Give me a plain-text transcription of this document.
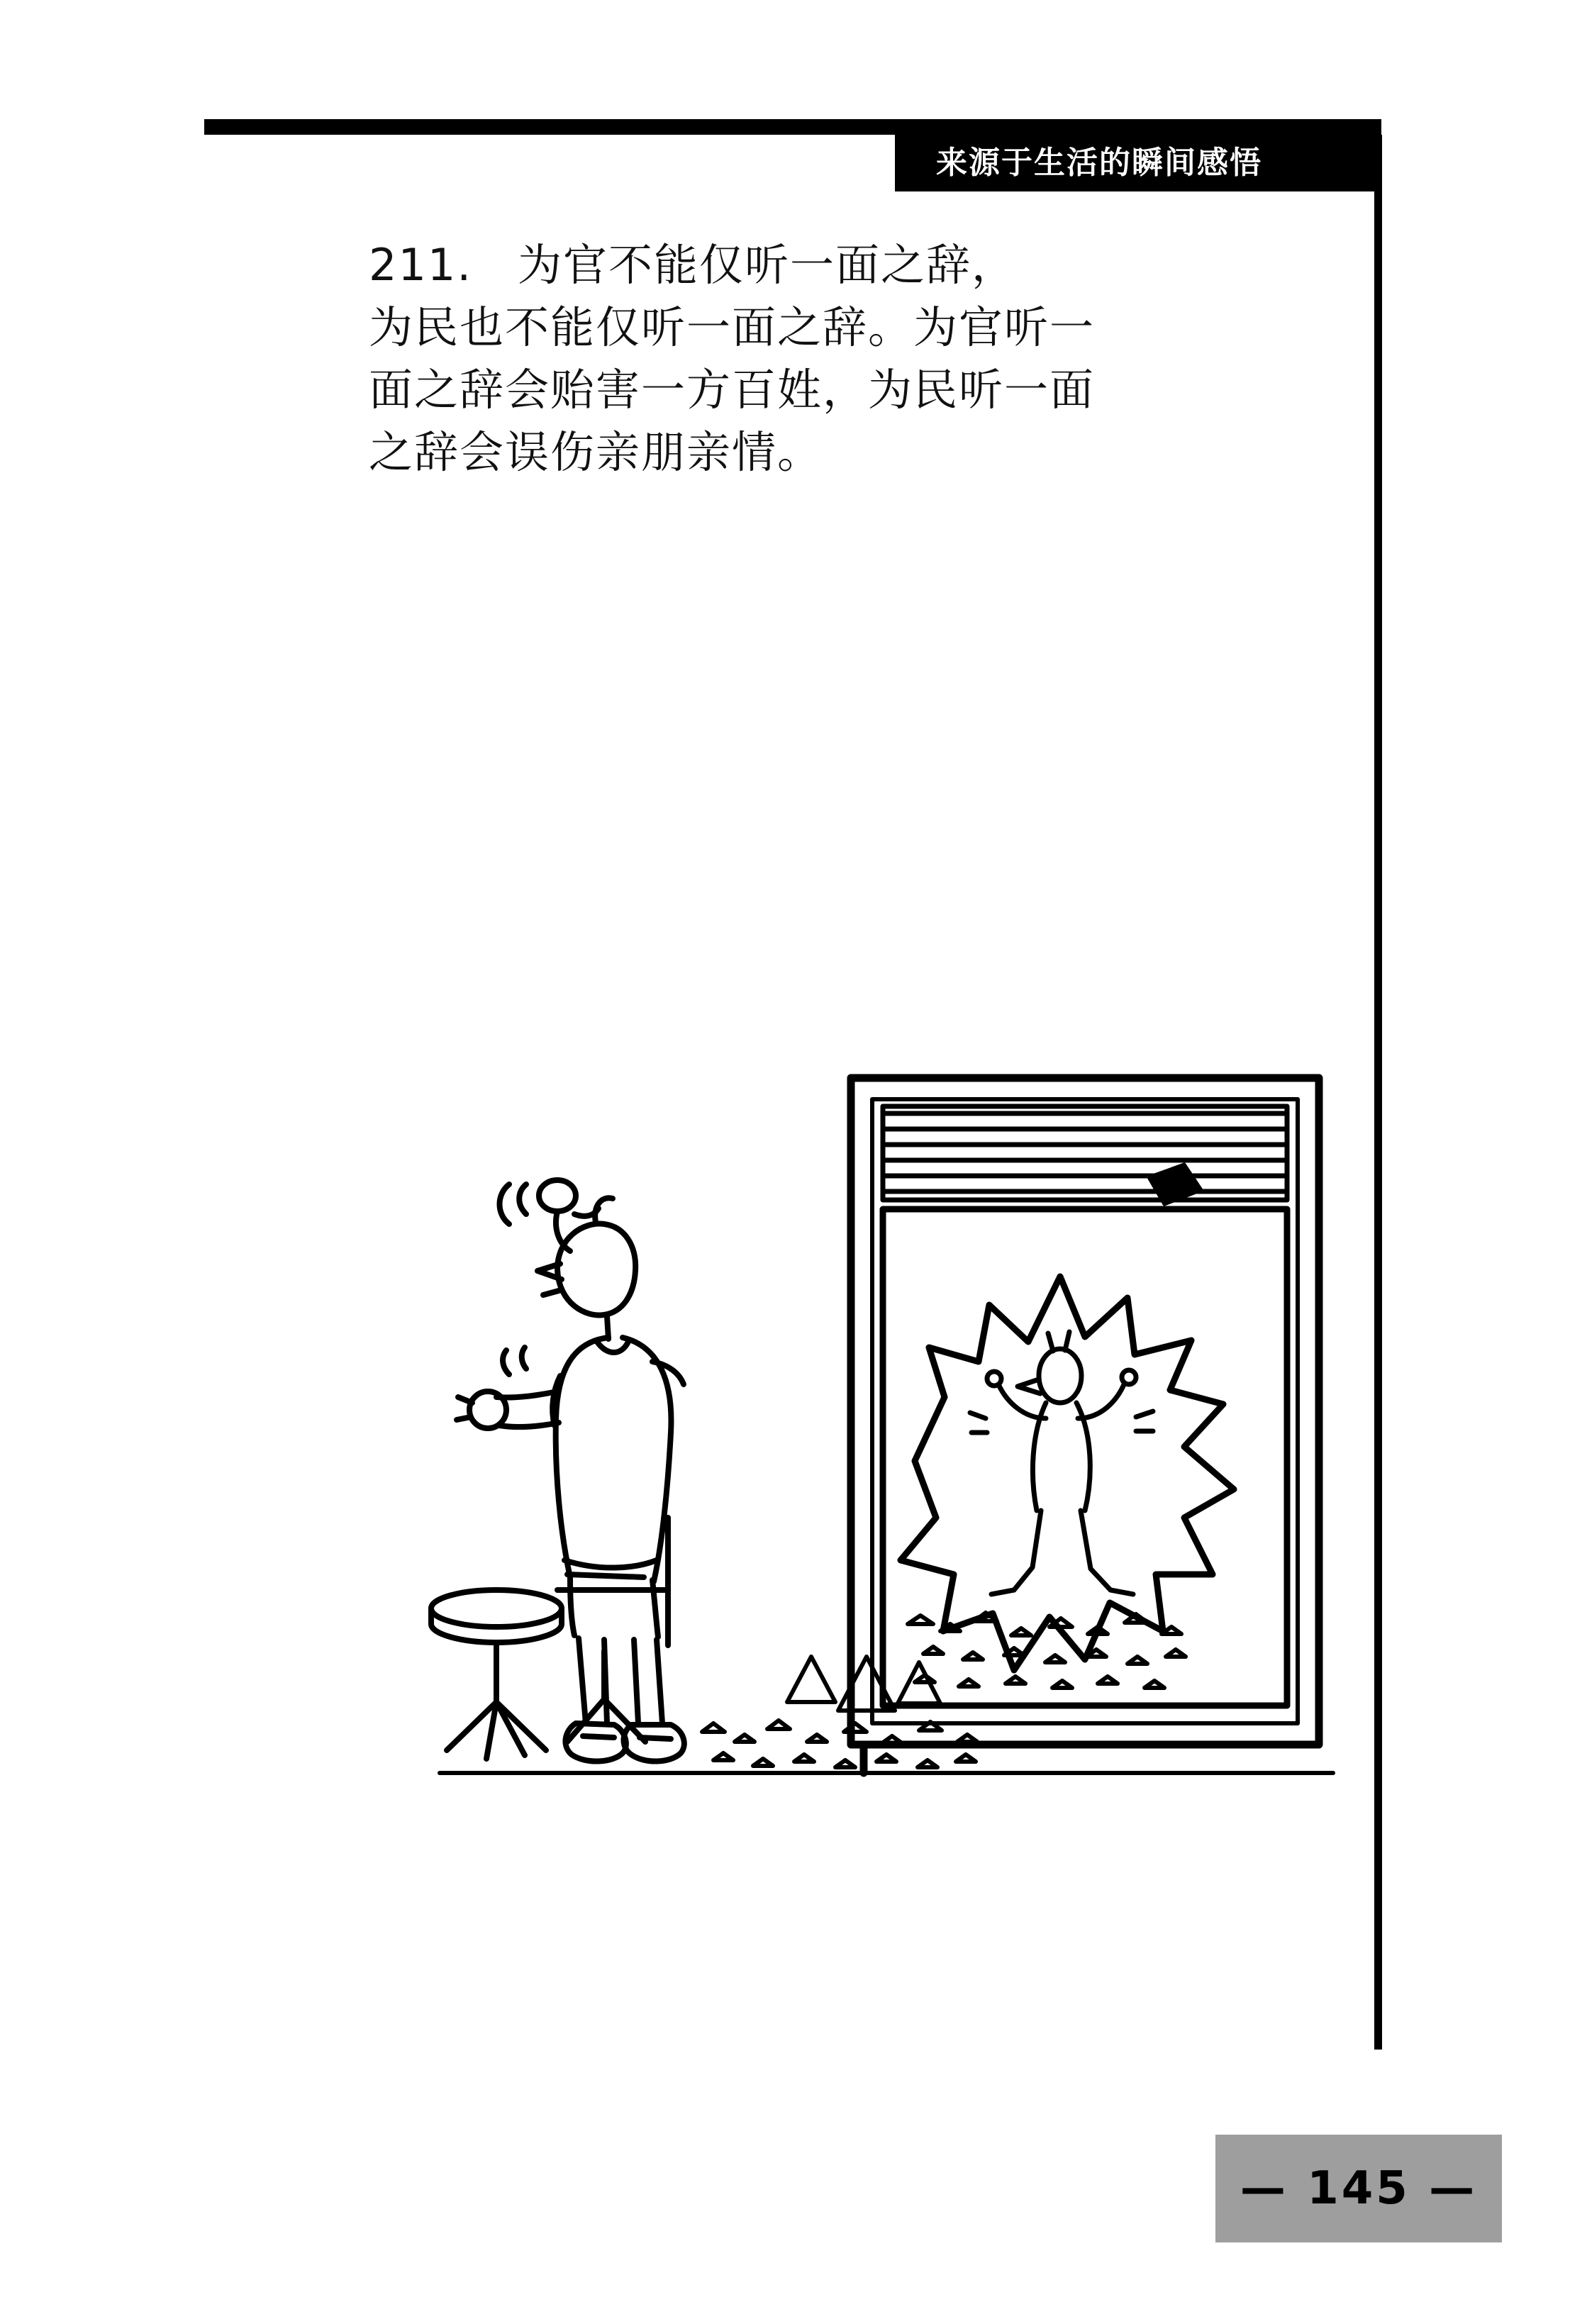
来源于生活的瞬间感悟
211.　为官不能仅听一面之辞，
为民也不能仅听一面之辞。为官听一
面之辞会贻害一方百姓，为民听一面
之辞会误伤亲朋亲情。
— 145 —
